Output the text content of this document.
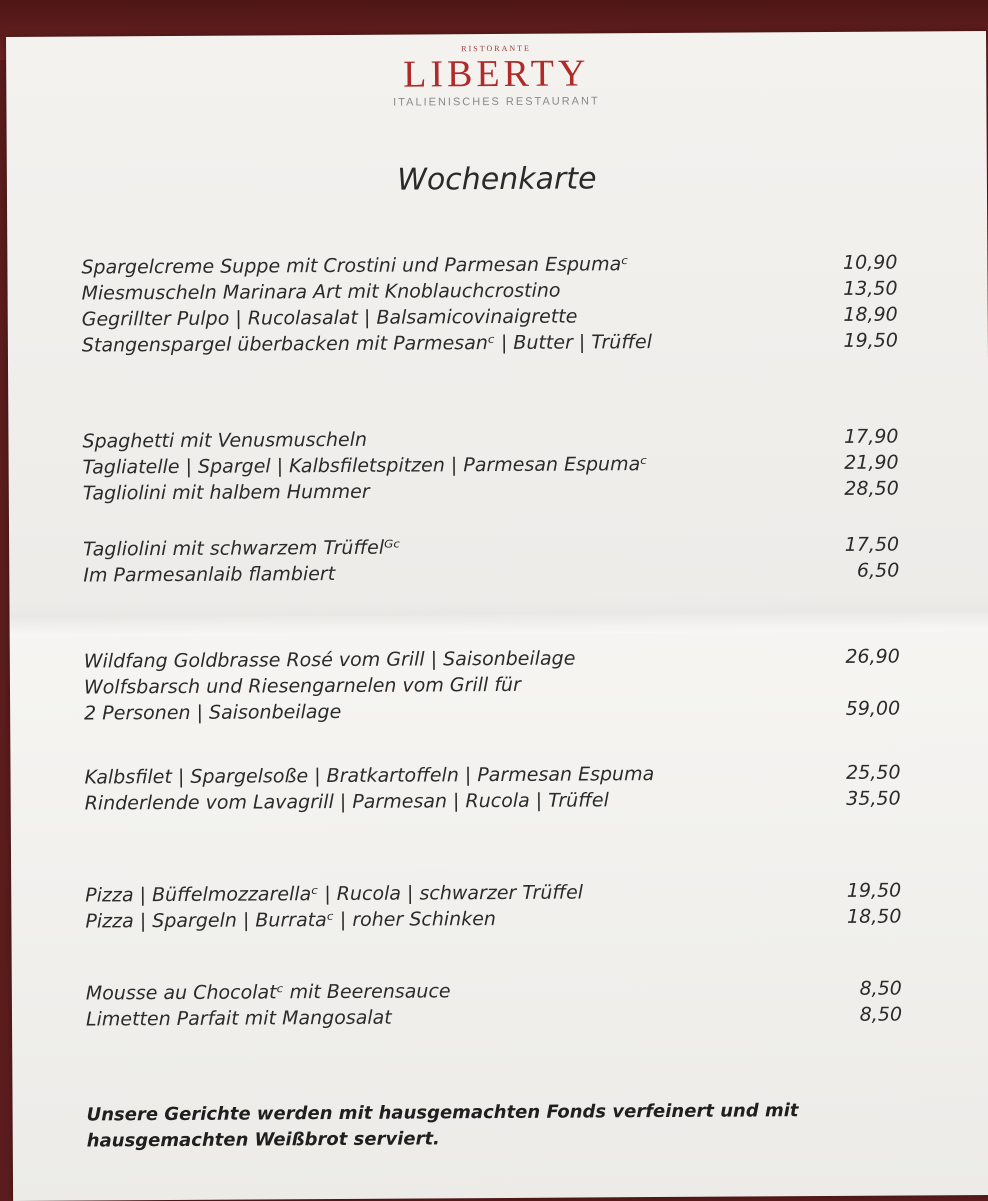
RISTORANTE
LIBERTY
ITALIENISCHES RESTAURANT
Wochenkarte
Spargelcreme Suppe mit Crostini und Parmesan Espumaᶜ	10,90
Miesmuscheln Marinara Art mit Knoblauchcrostino	13,50
Gegrillter Pulpo | Rucolasalat | Balsamicovinaigrette	18,90
Stangenspargel überbacken mit Parmesanᶜ | Butter | Trüffel	19,50
Spaghetti mit Venusmuscheln	17,90
Tagliatelle | Spargel | Kalbsfiletspitzen | Parmesan Espumaᶜ	21,90
Tagliolini mit halbem Hummer	28,50
Tagliolini mit schwarzem Trüffelᴳᶜ	17,50
Im Parmesanlaib flambiert	6,50
Wildfang Goldbrasse Rosé vom Grill | Saisonbeilage	26,90
Wolfsbarsch und Riesengarnelen vom Grill für
2 Personen | Saisonbeilage	59,00
Kalbsfilet | Spargelsoße | Bratkartoffeln | Parmesan Espuma	25,50
Rinderlende vom Lavagrill | Parmesan | Rucola | Trüffel	35,50
Pizza | Büffelmozzarellaᶜ | Rucola | schwarzer Trüffel	19,50
Pizza | Spargeln | Burrataᶜ | roher Schinken	18,50
Mousse au Chocolatᶜ mit Beerensauce	8,50
Limetten Parfait mit Mangosalat	8,50
Unsere Gerichte werden mit hausgemachten Fonds verfeinert und mit hausgemachten Weißbrot serviert.
